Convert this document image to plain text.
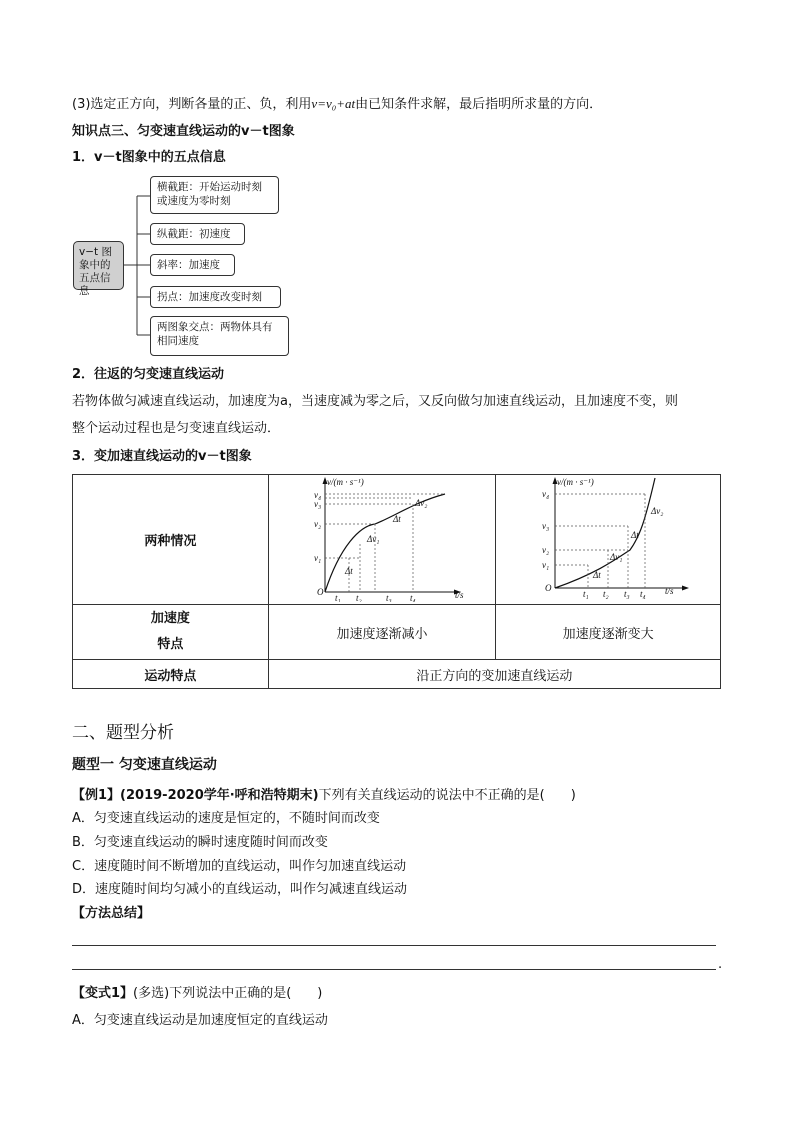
(3)选定正方向，判断各量的正、负，利用v=v₀+at由已知条件求解，最后指明所求量的方向．
知识点三、匀变速直线运动的v－t图象
1．v－t图象中的五点信息
v−t 图象中的五点信息
横截距：开始运动时刻或速度为零时刻
纵截距：初速度
斜率：加速度
拐点：加速度改变时刻
两图象交点：两物体具有相同速度
2．往返的匀变速直线运动
若物体做匀减速直线运动，加速度为a，当速度减为零之后，又反向做匀加速直线运动，且加速度不变，则
整个运动过程也是匀变速直线运动．
3．变加速直线运动的v－t图象
两种情况		

加速度
特点	加速度逐渐减小	加速度逐渐变大
运动特点	沿正方向的变加速直线运动	
v/(m · s⁻¹)
t/s
O
v₁
v₂
v₃
v₄
t₁ t₂	t₃ t₄
Δv₁
Δt
Δv₂
Δt
v/(m · s⁻¹)
t/s
O
v₁
v₂
v₃
v₄
t₁ t₂ t₃ t₄
Δv₁
Δt
Δv₂
Δt
二、题型分析
题型一 匀变速直线运动
【例1】(2019-2020学年·呼和浩特期末)下列有关直线运动的说法中不正确的是(　　)
A．匀变速直线运动的速度是恒定的，不随时间而改变
B．匀变速直线运动的瞬时速度随时间而改变
C．速度随时间不断增加的直线运动，叫作匀加速直线运动
D．速度随时间均匀减小的直线运动，叫作匀减速直线运动
【方法总结】
.
【变式1】(多选)下列说法中正确的是(　　)
A．匀变速直线运动是加速度恒定的直线运动
